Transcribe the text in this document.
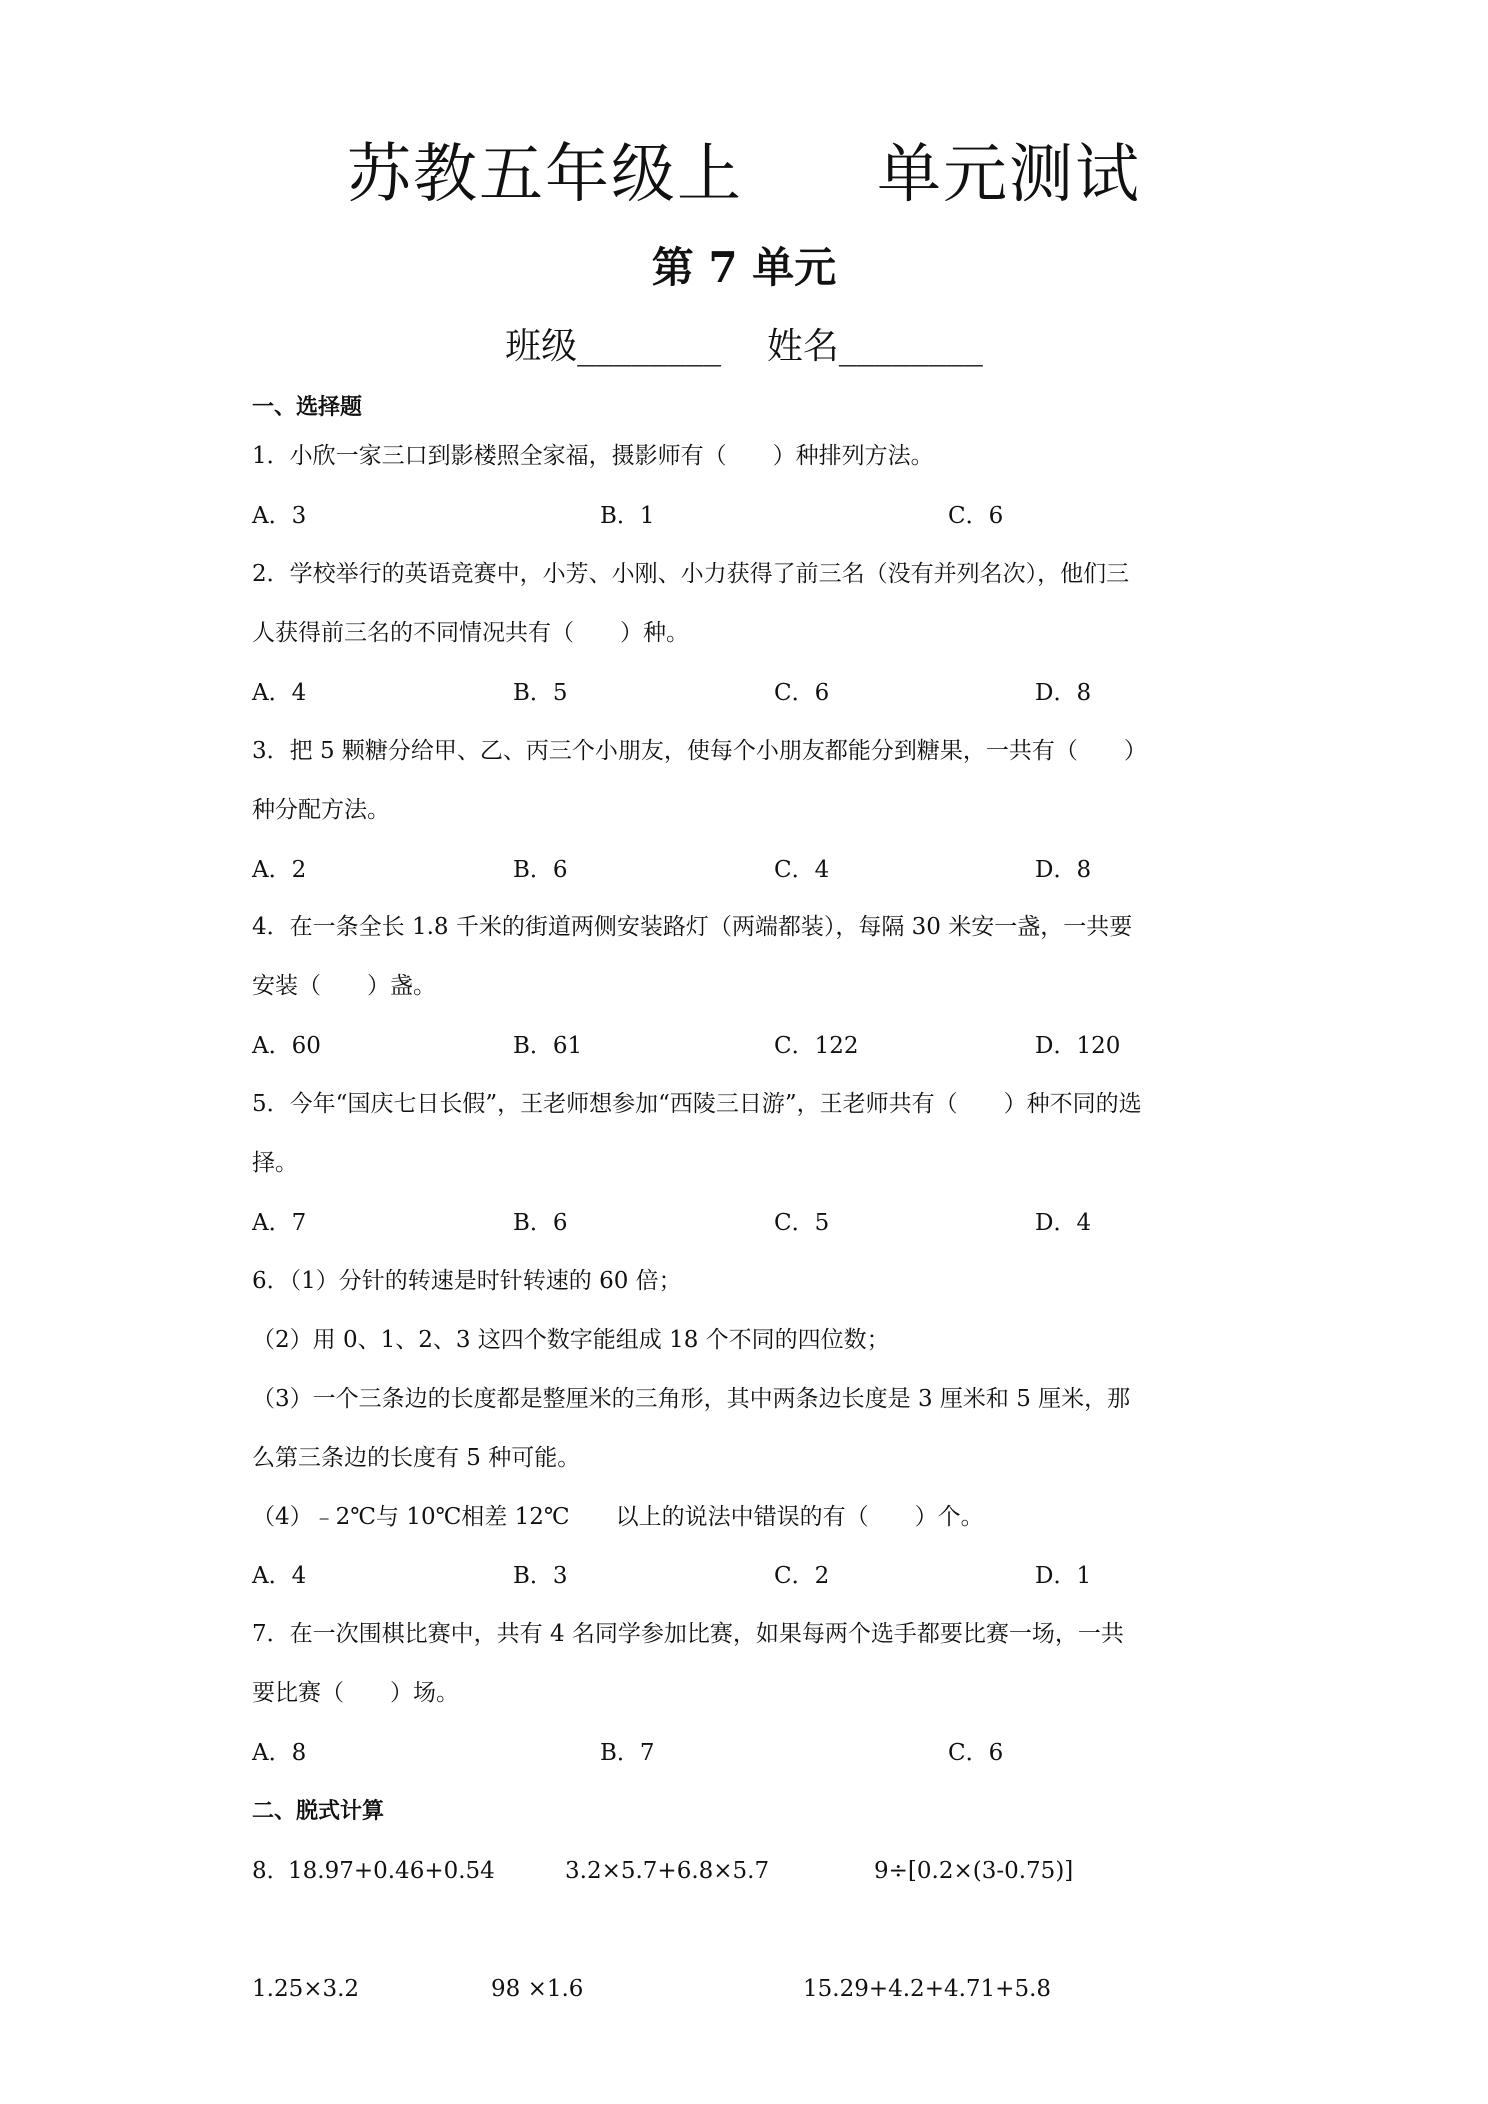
苏教五年级上      单元测试
第 7 单元
班级________    姓名________
一、选择题
1．小欣一家三口到影楼照全家福，摄影师有（　　）种排列方法。
A．3	B．1	C．6
2．学校举行的英语竞赛中，小芳、小刚、小力获得了前三名（没有并列名次），他们三
人获得前三名的不同情况共有（　　）种。
A．4	B．5	C．6	D．8
3．把 5 颗糖分给甲、乙、丙三个小朋友，使每个小朋友都能分到糖果，一共有（　　）
种分配方法。
A．2	B．6	C．4	D．8
4．在一条全长 1.8 千米的街道两侧安装路灯（两端都装），每隔 30 米安一盏，一共要
安装（　　）盏。
A．60	B．61	C．122	D．120
5．今年“国庆七日长假”，王老师想参加“西陵三日游”，王老师共有（　　）种不同的选
择。
A．7	B．6	C．5	D．4
6．（1）分针的转速是时针转速的 60 倍；
（2）用 0、1、2、3 这四个数字能组成 18 个不同的四位数；
（3）一个三条边的长度都是整厘米的三角形，其中两条边长度是 3 厘米和 5 厘米，那
么第三条边的长度有 5 种可能。
（4）﹣2℃与 10℃相差 12℃　　以上的说法中错误的有（　　）个。
A．4	B．3	C．2	D．1
7．在一次围棋比赛中，共有 4 名同学参加比赛，如果每两个选手都要比赛一场，一共
要比赛（　　）场。
A．8	B．7	C．6
二、脱式计算
8．
18.97+0.46+0.54	3.2×5.7+6.8×5.7	9÷[0.2×(3-0.75)]
1.25×3.2	98 ×1.6	15.29+4.2+4.71+5.8
